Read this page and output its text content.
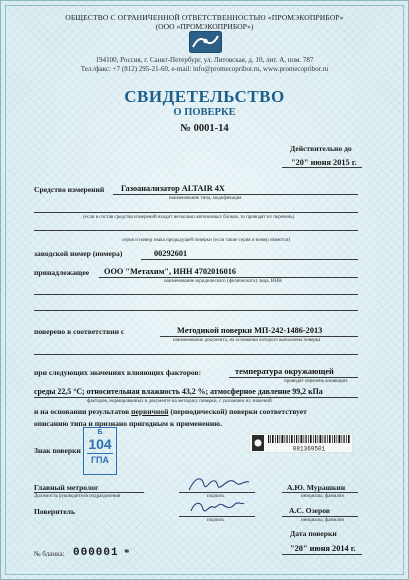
ОБЩЕСТВО С ОГРАНИЧЕННОЙ ОТВЕТСТВЕННОСТЬЮ «ПРОМЭКОПРИБОР»
(ООО «ПРОМЭКОПРИБОР»)
194100, Россия, г. Санкт-Петербург, ул. Литовская, д. 10, лит. А, пом. 787
Тел./факс: +7 (812) 295-21-60, e-mail: info@promecopribor.ru, www.promecopribor.ru
СВИДЕТЕЛЬСТВО
О ПОВЕРКЕ
№ 0001-14
Действительно до
"20" июня 2015 г.
Средство измерений Газоанализатор ALTAIR 4X
наименование типа, модификация
(если в состав средства измерений входит несколько автономных блоков, то приводят их перечень)
серия и номер знака предыдущей поверки (если такие серия и номер имеются)
заводской номер (номера)	00292601
принадлежащее ООО "Метахим", ИНН 4702016016
наименование юридического (физического) лица, ИНН
поверено в соответствии с	Методикой поверки МП-242-1486-2013
наименование документа, на основании которого выполнена поверка
при следующих значениях влияющих факторов:	температура окружающей
приводят перечень влияющих
среды 22,5 °С; относительная влажность 43,2 %; атмосферное давление 99,2 кПа
факторов, нормированных в документе на методику поверки, с указанием их значений
и на основании результатов первичной (периодической) поверки соответствует
описанию типа и признано пригодным к применению.
Знак поверки
Б
104
ГПА
081369501
Главный метролог
Должность руководителя подразделения	подпись
А.Ю. Мурашкин
инициалы, фамилия
Поверитель
подпись
А.С. Озеров
инициалы, фамилия
Дата поверки
"20" июня 2014 г.
№ бланка: 000001 *
